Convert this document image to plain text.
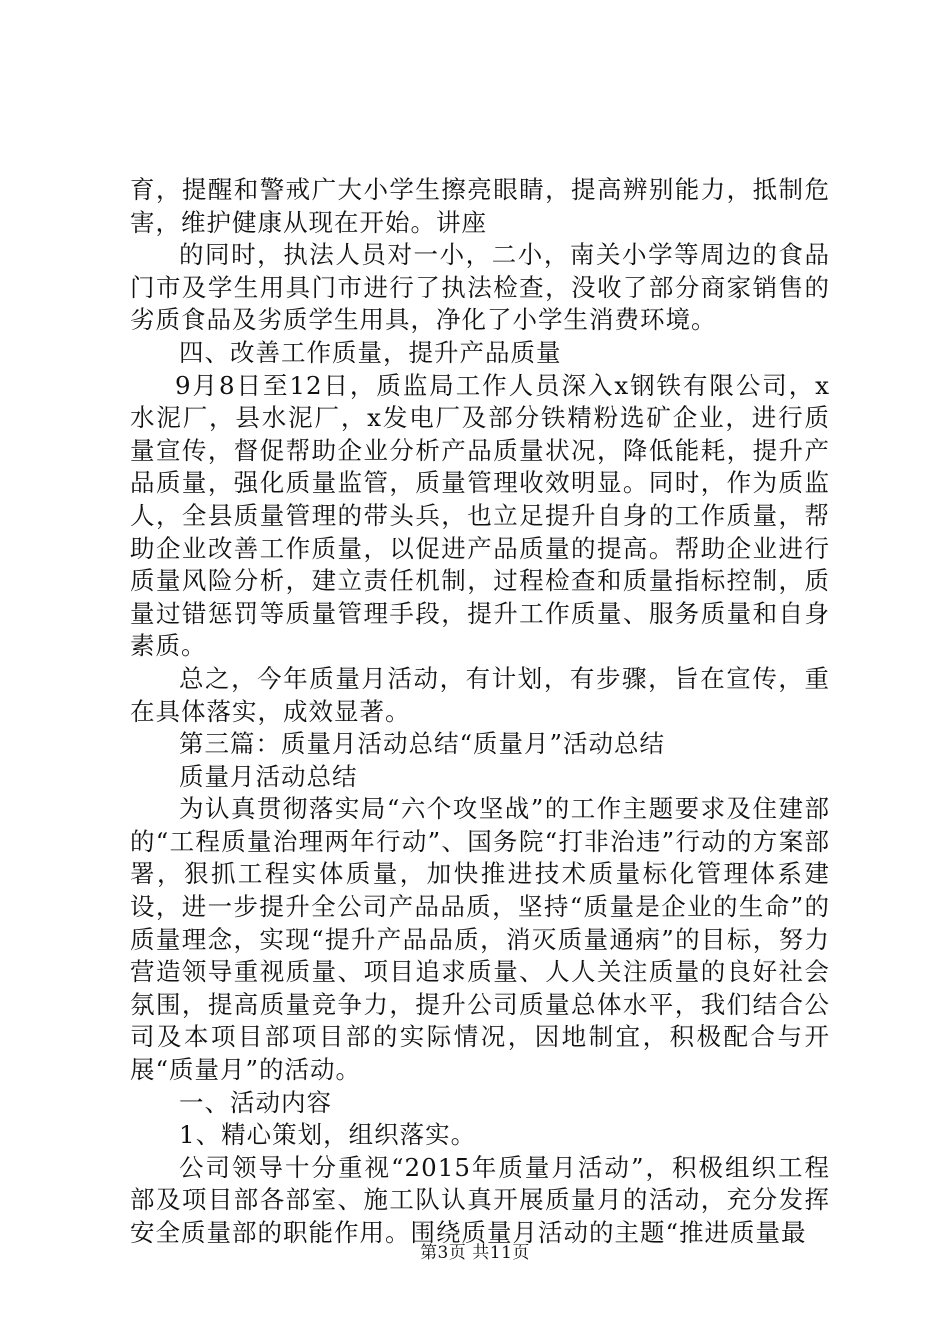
育，提醒和警戒广大小学生擦亮眼睛，提高辨别能力，抵制危害，维护健康从现在开始。讲座

的同时，执法人员对一小，二小，南关小学等周边的食品门市及学生用具门市进行了执法检查，没收了部分商家销售的劣质食品及劣质学生用具，净化了小学生消费环境。

四、改善工作质量，提升产品质量

9月8日至12日，质监局工作人员深入x钢铁有限公司，x水泥厂，县水泥厂，x发电厂及部分铁精粉选矿企业，进行质量宣传，督促帮助企业分析产品质量状况，降低能耗，提升产品质量，强化质量监管，质量管理收效明显。同时，作为质监人，全县质量管理的带头兵，也立足提升自身的工作质量，帮助企业改善工作质量，以促进产品质量的提高。帮助企业进行质量风险分析，建立责任机制，过程检查和质量指标控制，质量过错惩罚等质量管理手段，提升工作质量、服务质量和自身素质。

总之，今年质量月活动，有计划，有步骤，旨在宣传，重在具体落实，成效显著。

第三篇：质量月活动总结“质量月”活动总结

质量月活动总结

为认真贯彻落实局“六个攻坚战”的工作主题要求及住建部的“工程质量治理两年行动”、国务院“打非治违”行动的方案部署，狠抓工程实体质量，加快推进技术质量标化管理体系建设，进一步提升全公司产品品质，坚持“质量是企业的生命”的质量理念，实现“提升产品品质，消灭质量通病”的目标，努力营造领导重视质量、项目追求质量、人人关注质量的良好社会氛围，提高质量竞争力，提升公司质量总体水平，我们结合公司及本项目部项目部的实际情况，因地制宜，积极配合与开展“质量月”的活动。

一、活动内容

1、精心策划，组织落实。

公司领导十分重视“2015年质量月活动”，积极组织工程部及项目部各部室、施工队认真开展质量月的活动，充分发挥安全质量部的职能作用。围绕质量月活动的主题“推进质量最

第3页 共11页
